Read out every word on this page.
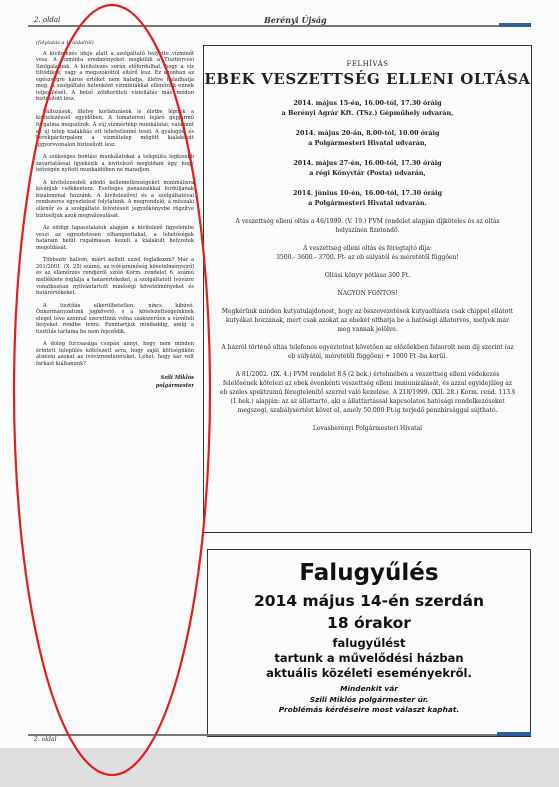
2. oldal	Berényi Újság

(folytatás a 1. oldalról)

A kivitelezés ideje alatt a szolgáltató helyette vízminőt vesz. A vízminta eredményeket megküldi a Tisztiorvosi Szolgálatnak. A kivitelezés során előfordulhat, hogy a víz tiltódikos, vagy a megszokottól eltérő lesz. Ez azonban az egészségre káros értéket nem haladja, illetve haladhatja meg. A szolgáltató hetenként vízmintákkal ellenőrzik ennek teljesülését. A belső zöldterületi víziellátás más módon biztosított lesz.

Változások, illetve korlátozások is életbe lépnek a kivitelezéssel egyidőben. A tomaterení lejáró gépjármű forgalma megszűnik. A zúj vízmértékp munkálatai, valamint az új telep kialakítás ott lehetetlenné teszi. A gyalogos- és kerékpárforgalom a vízműtelep mögött kialakított újgyorsvonalon biztosított lesz.

A szükséges bontási munkálatokat a település legkisebb zavartatással igyekszik a kivitelező megoldani úgy, hogy hétvégén nyitott munkaidőben ne maradjon.

A kivitelezésből adódó kellemetlenségeket minimálisra kívánjuk csökkenteni. Esetleges panaszaikkal forduljanak bizalommal hozzánk. A kivitelezővel és a szolgáltatóval rendszeres egyeztetést folytatunk. A megrendelő, a műszaki ellenőr és a szolgáltató felvetéseit jegyzőkönyvbe rögzítve biztosítjuk azok megvalósulását.

Az eddigi tapasztalatok alapján a kivitelező figyelembe veszi az egyeztetésen elhangzottakat, a lehetőségek határain belül rugalmasan kezeli a kialakult helyzetek megoldását.

Többször hallom, miért kellett ezzel foglalkozni? Már a 201/2001. (X. 25) számú, az ivóvízminőség követelményeiről és az ellenőrzés rendjéről szóló Korm. rendelet 6. számú melléklete foglalja a határértékeket, a szolgáltatott ivóvízre vonatkozóan nyilvántartott minőségi követelményeket és határértékeket.

A tisztítás elkerülhetetlen, nincs kibúvó. Önkormányzatunk jogkövető, s a kötelezettségeinknek eleget téve azonnal szerettünk volna szakszerűen a vízvételi helyeket rendbe tenni. Fenntartjuk mindaddig, amíg a tisztítás tartama be nem fejeződik.

A dolog furcsasága csupán annyi, hogy nem minden érintett település kötelezett arra, hogy saját költségükön átnézni azokat az ivóvízrendszereket. Lehet, hogy kár volt farkast kiáltanunk?

Szili Miklós
polgármester
FELHÍVÁS
EBEK VESZETTSÉG ELLENI OLTÁSA
2014. május 15-én, 16.00-tól, 17.30 óráig
a Berényi Agrár Kft. (TSz.) Gépműhely udvarán,
2014. május 20-án, 8.00-tól, 10.00 óráig
a Polgármesteri Hivatal udvarán,
2014. május 27-én, 16.00-tól, 17.30 óráig
a régi Könyvtár (Posta) udvarán,
2014. június 10-én, 16.00-tól, 17.30 óráig
a Polgármesteri Hivatal udvarán.
A veszettség elleni oltás a 46/1999. (V. 19.) FVM rendelet alapján díjköteles és az oltás helyszínén fizetendő.
A veszettség elleni oltás és féregtajtó díja:
3500.- 3600.- 3700. Ft- az eb súlyától és méretétől függően!
Oltási könyv pótlása 300 Ft.
NAGYON FONTOS!
Megkérünk minden kutyatulajdonost, hogy az összevezetések kutyaoltásra csak chippel ellátott kutyákat hozzanak, mert csak azokat az ebeket olthatja be a hatósági állatorvos, melyek már meg vannak jelölve.
A házról történő oltás telefonos egyeztetést követően az előzőekben felsorolt nem díj szerint (az eb súlyától, méretétől függően) + 1000 Ft -ba kerül.
A 81/2002. (IX. 4.) FVM rendelet 8.§ (2 bek.) értelmében a veszettség elleni védekezés felelősének kötelezi az ebek évenkénti veszettség elleni immunizálását, és azzal egyidejűleg az eb széles spektrumú féregtelenítő szerrel való kezelése. A 218/1999. (XII. 28.) Korm. rend. 113.§ (1 bek.) alapján: az az állattartó, aki a állattartással kapcsolatos hatósági rendelkezéseket megszegi, szabálysértést követ el, amely 50.000 Ft-ig terjedő pénzbírsággal sújtható.
Lovasberényi Polgármesteri Hivatal
Falugyűlés
2014 május 14-én szerdán
18 órakor
falugyűlést
tartunk a művelődési házban
aktuális közéleti eseményekről.
Mindenkit vár
Szili Miklós polgármester úr.
Problémás kérdéseire most választ kaphat.
2. oldal
